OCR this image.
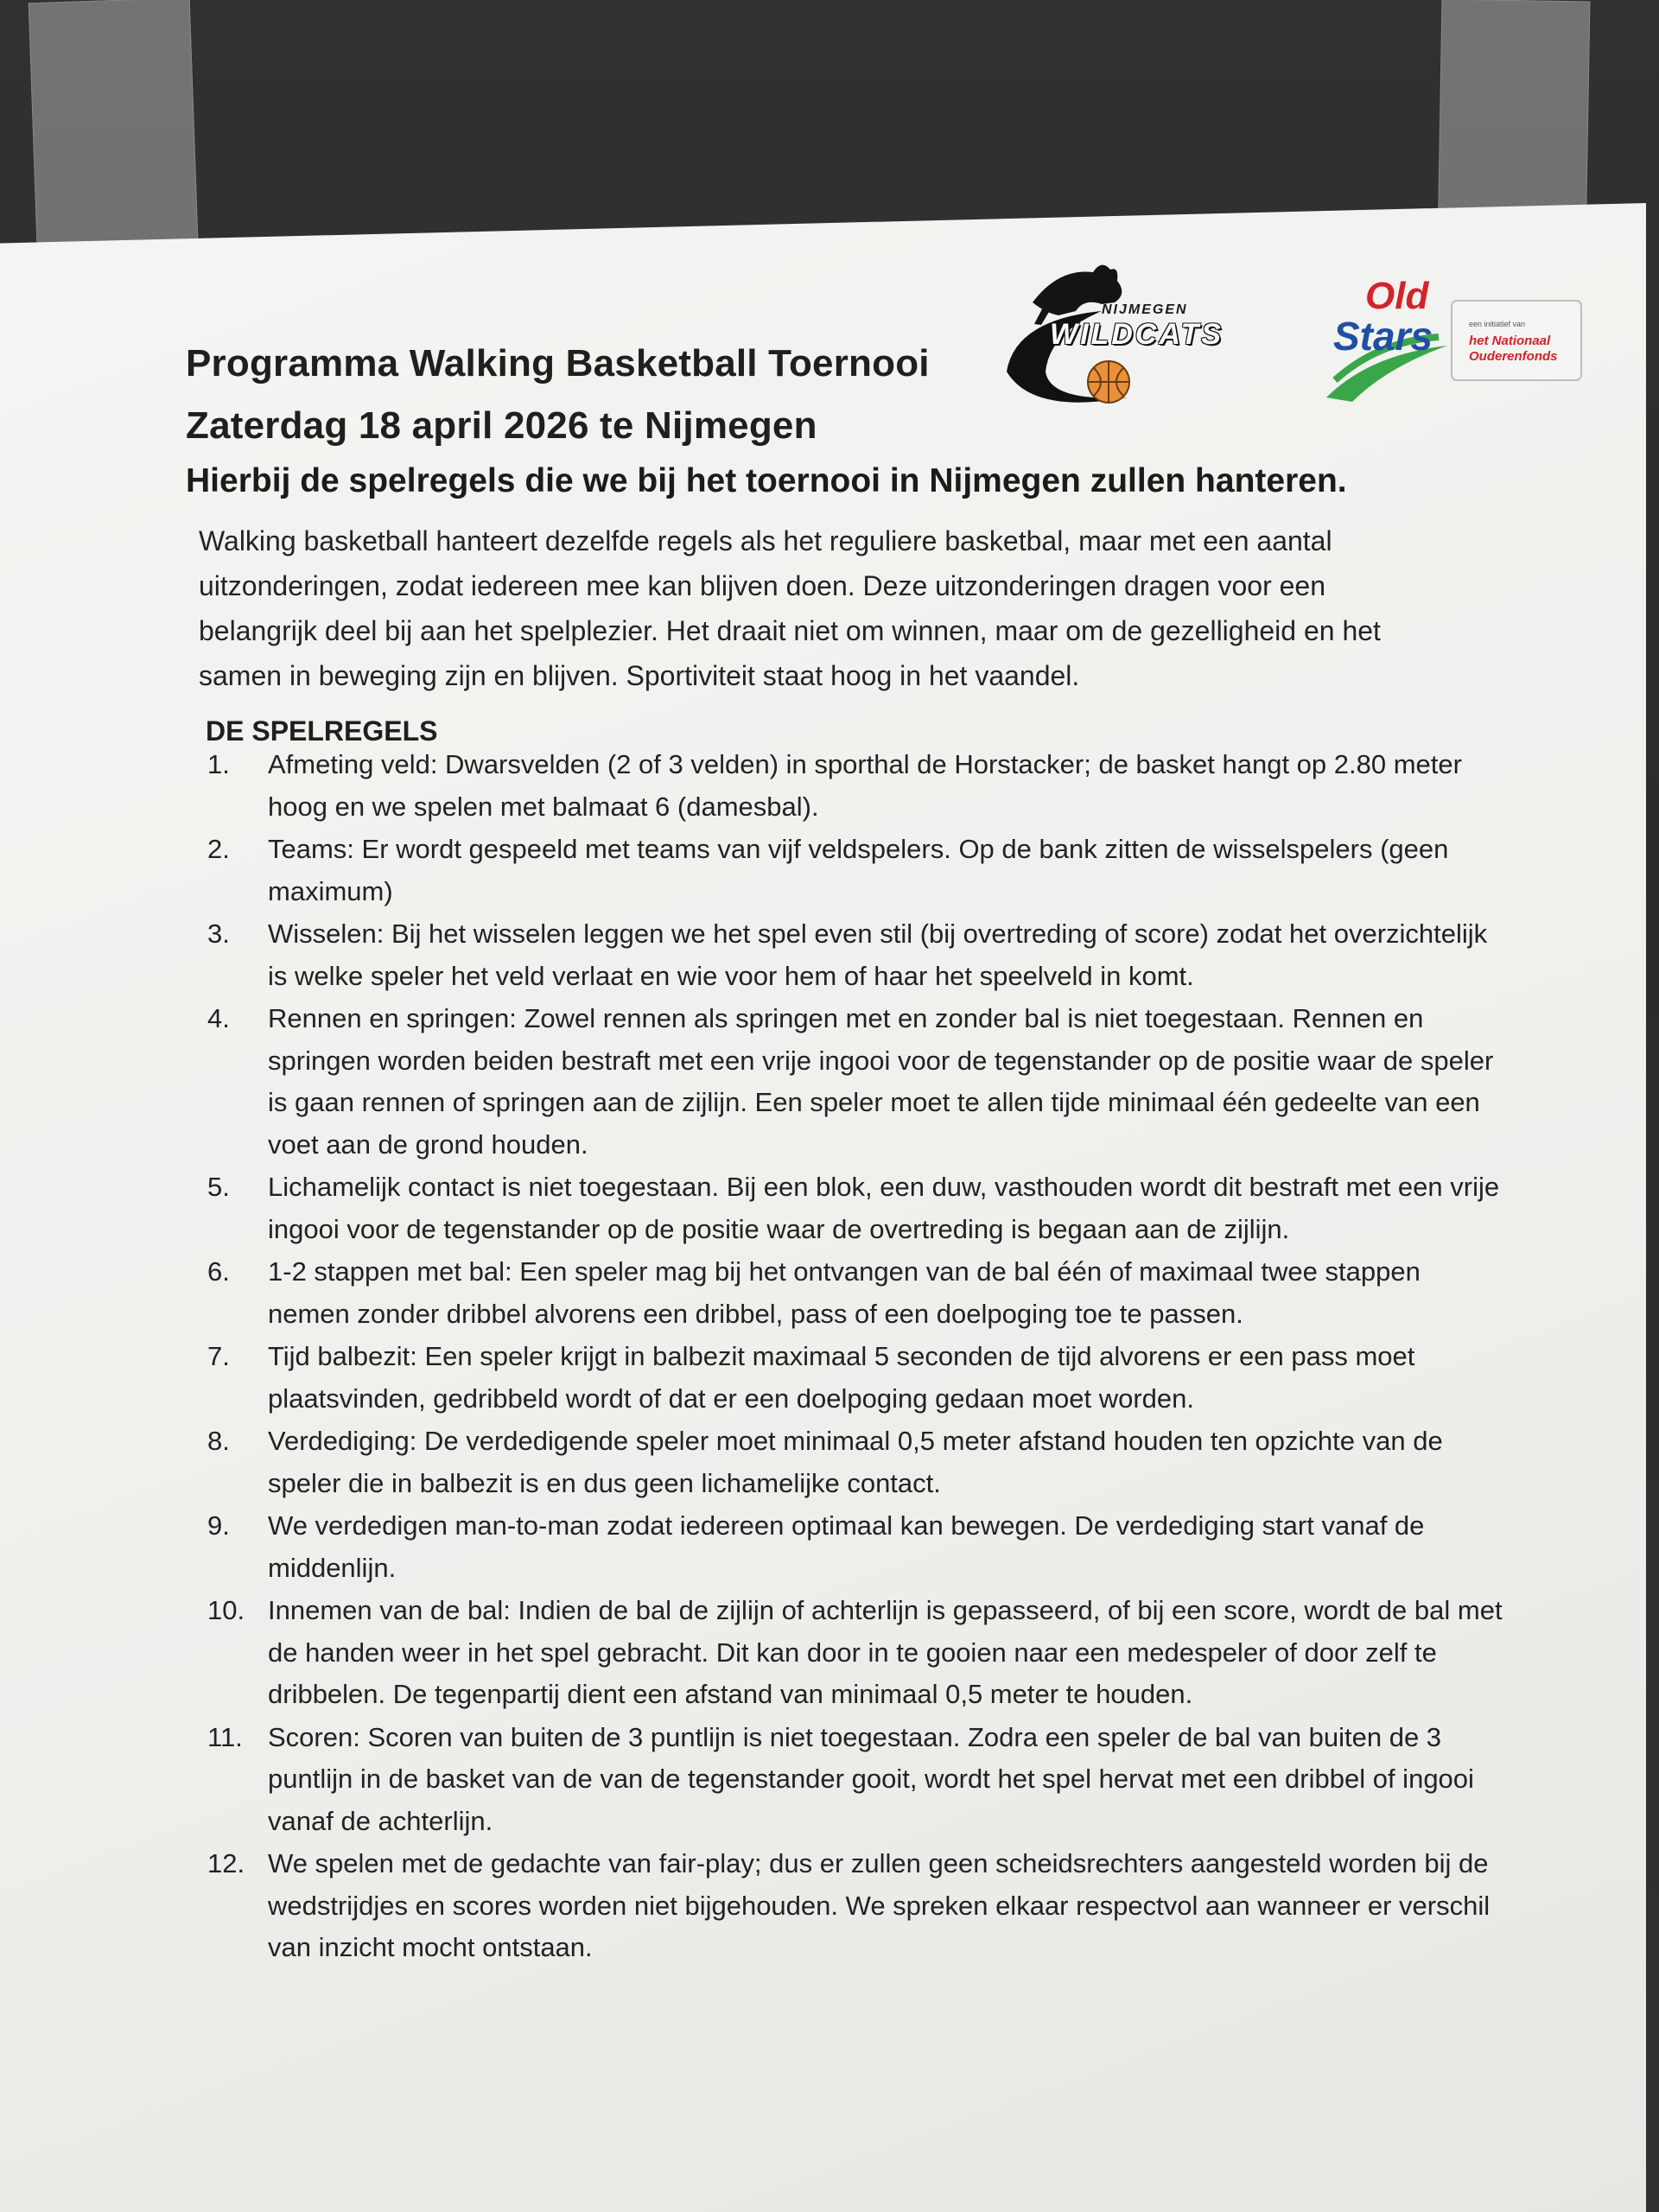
NIJMEGEN
WILDCATS
Old
Stars	een initiatief van
het Nationaal
Ouderenfonds

Programma Walking Basketball Toernooi

Zaterdag 18 april 2026 te Nijmegen

Hierbij de spelregels die we bij het toernooi in Nijmegen zullen hanteren.

Walking basketball hanteert dezelfde regels als het reguliere basketbal, maar met een aantal uitzonderingen, zodat iedereen mee kan blijven doen. Deze uitzonderingen dragen voor een belangrijk deel bij aan het spelplezier. Het draait niet om winnen, maar om de gezelligheid en het samen in beweging zijn en blijven. Sportiviteit staat hoog in het vaandel.

DE SPELREGELS

1.	Afmeting veld: Dwarsvelden (2 of 3 velden) in sporthal de Horstacker; de basket hangt op 2.80 meter hoog en we spelen met balmaat 6 (damesbal).
2.	Teams: Er wordt gespeeld met teams van vijf veldspelers. Op de bank zitten de wisselspelers (geen maximum)
3.	Wisselen: Bij het wisselen leggen we het spel even stil (bij overtreding of score) zodat het overzichtelijk is welke speler het veld verlaat en wie voor hem of haar het speelveld in komt.
4.	Rennen en springen: Zowel rennen als springen met en zonder bal is niet toegestaan. Rennen en springen worden beiden bestraft met een vrije ingooi voor de tegenstander op de positie waar de speler is gaan rennen of springen aan de zijlijn. Een speler moet te allen tijde minimaal één gedeelte van een voet aan de grond houden.
5.	Lichamelijk contact is niet toegestaan. Bij een blok, een duw, vasthouden wordt dit bestraft met een vrije ingooi voor de tegenstander op de positie waar de overtreding is begaan aan de zijlijn.
6.	1-2 stappen met bal: Een speler mag bij het ontvangen van de bal één of maximaal twee stappen nemen zonder dribbel alvorens een dribbel, pass of een doelpoging toe te passen.
7.	Tijd balbezit: Een speler krijgt in balbezit maximaal 5 seconden de tijd alvorens er een pass moet plaatsvinden, gedribbeld wordt of dat er een doelpoging gedaan moet worden.
8.	Verdediging: De verdedigende speler moet minimaal 0,5 meter afstand houden ten opzichte van de speler die in balbezit is en dus geen lichamelijke contact.
9.	We verdedigen man-to-man zodat iedereen optimaal kan bewegen. De verdediging start vanaf de middenlijn.
10. Innemen van de bal: Indien de bal de zijlijn of achterlijn is gepasseerd, of bij een score, wordt de bal met de handen weer in het spel gebracht. Dit kan door in te gooien naar een medespeler of door zelf te dribbelen. De tegenpartij dient een afstand van minimaal 0,5 meter te houden.
11. Scoren: Scoren van buiten de 3 puntlijn is niet toegestaan. Zodra een speler de bal van buiten de 3 puntlijn in de basket van de van de tegenstander gooit, wordt het spel hervat met een dribbel of ingooi vanaf de achterlijn.
12. We spelen met de gedachte van fair-play; dus er zullen geen scheidsrechters aangesteld worden bij de wedstrijdjes en scores worden niet bijgehouden. We spreken elkaar respectvol aan wanneer er verschil van inzicht mocht ontstaan.
